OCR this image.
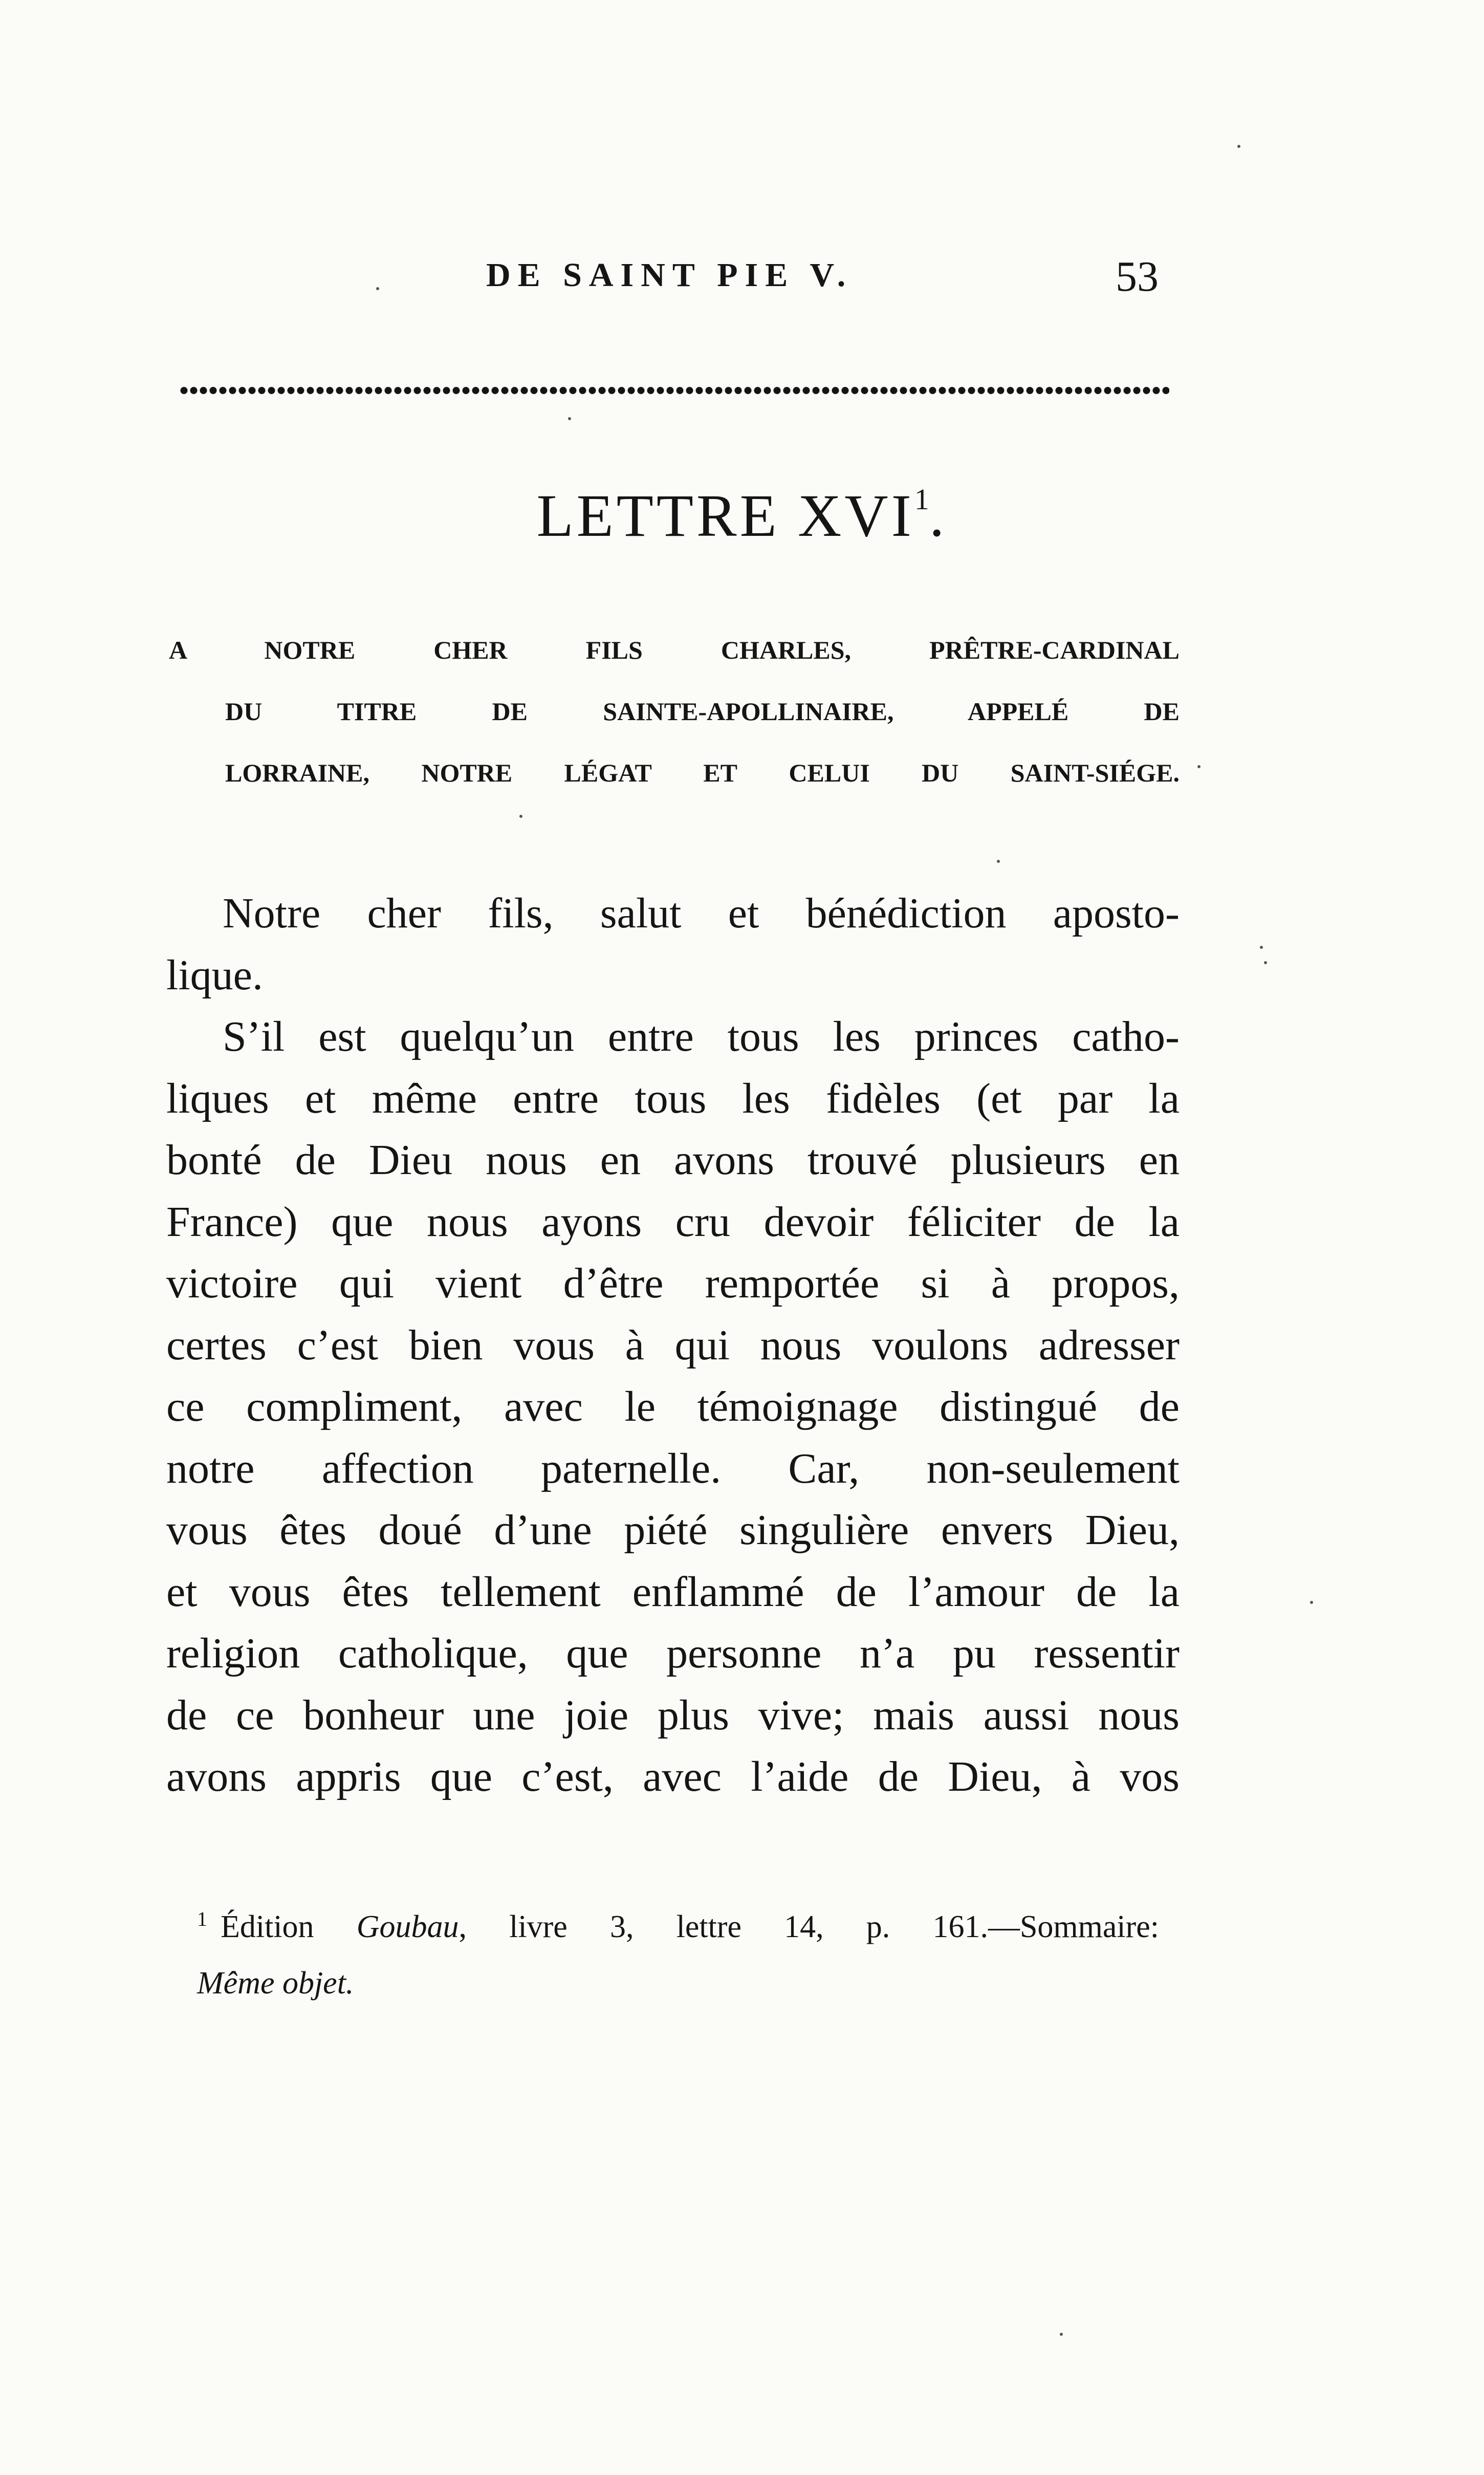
DE SAINT PIE V.	53
LETTRE XVI$^1$.
A NOTRE CHER FILS CHARLES, PRÊTRE-CARDINAL
DU TITRE DE SAINTE-APOLLINAIRE, APPELÉ DE
LORRAINE, NOTRE LÉGAT ET CELUI DU SAINT-SIÉGE.
Notre cher fils, salut et bénédiction aposto-
lique.
S’il est quelqu’un entre tous les princes catho-
liques et même entre tous les fidèles (et par la
bonté de Dieu nous en avons trouvé plusieurs en
France) que nous ayons cru devoir féliciter de la
victoire qui vient d’être remportée si à propos,
certes c’est bien vous à qui nous voulons adresser
ce compliment, avec le témoignage distingué de
notre affection paternelle. Car, non-seulement
vous êtes doué d’une piété singulière envers Dieu,
et vous êtes tellement enflammé de l’amour de la
religion catholique, que personne n’a pu ressentir
de ce bonheur une joie plus vive; mais aussi nous
avons appris que c’est, avec l’aide de Dieu, à vos
$^1$ Édition Goubau, livre 3, lettre 14, p. 161.—Sommaire:
Même objet.
